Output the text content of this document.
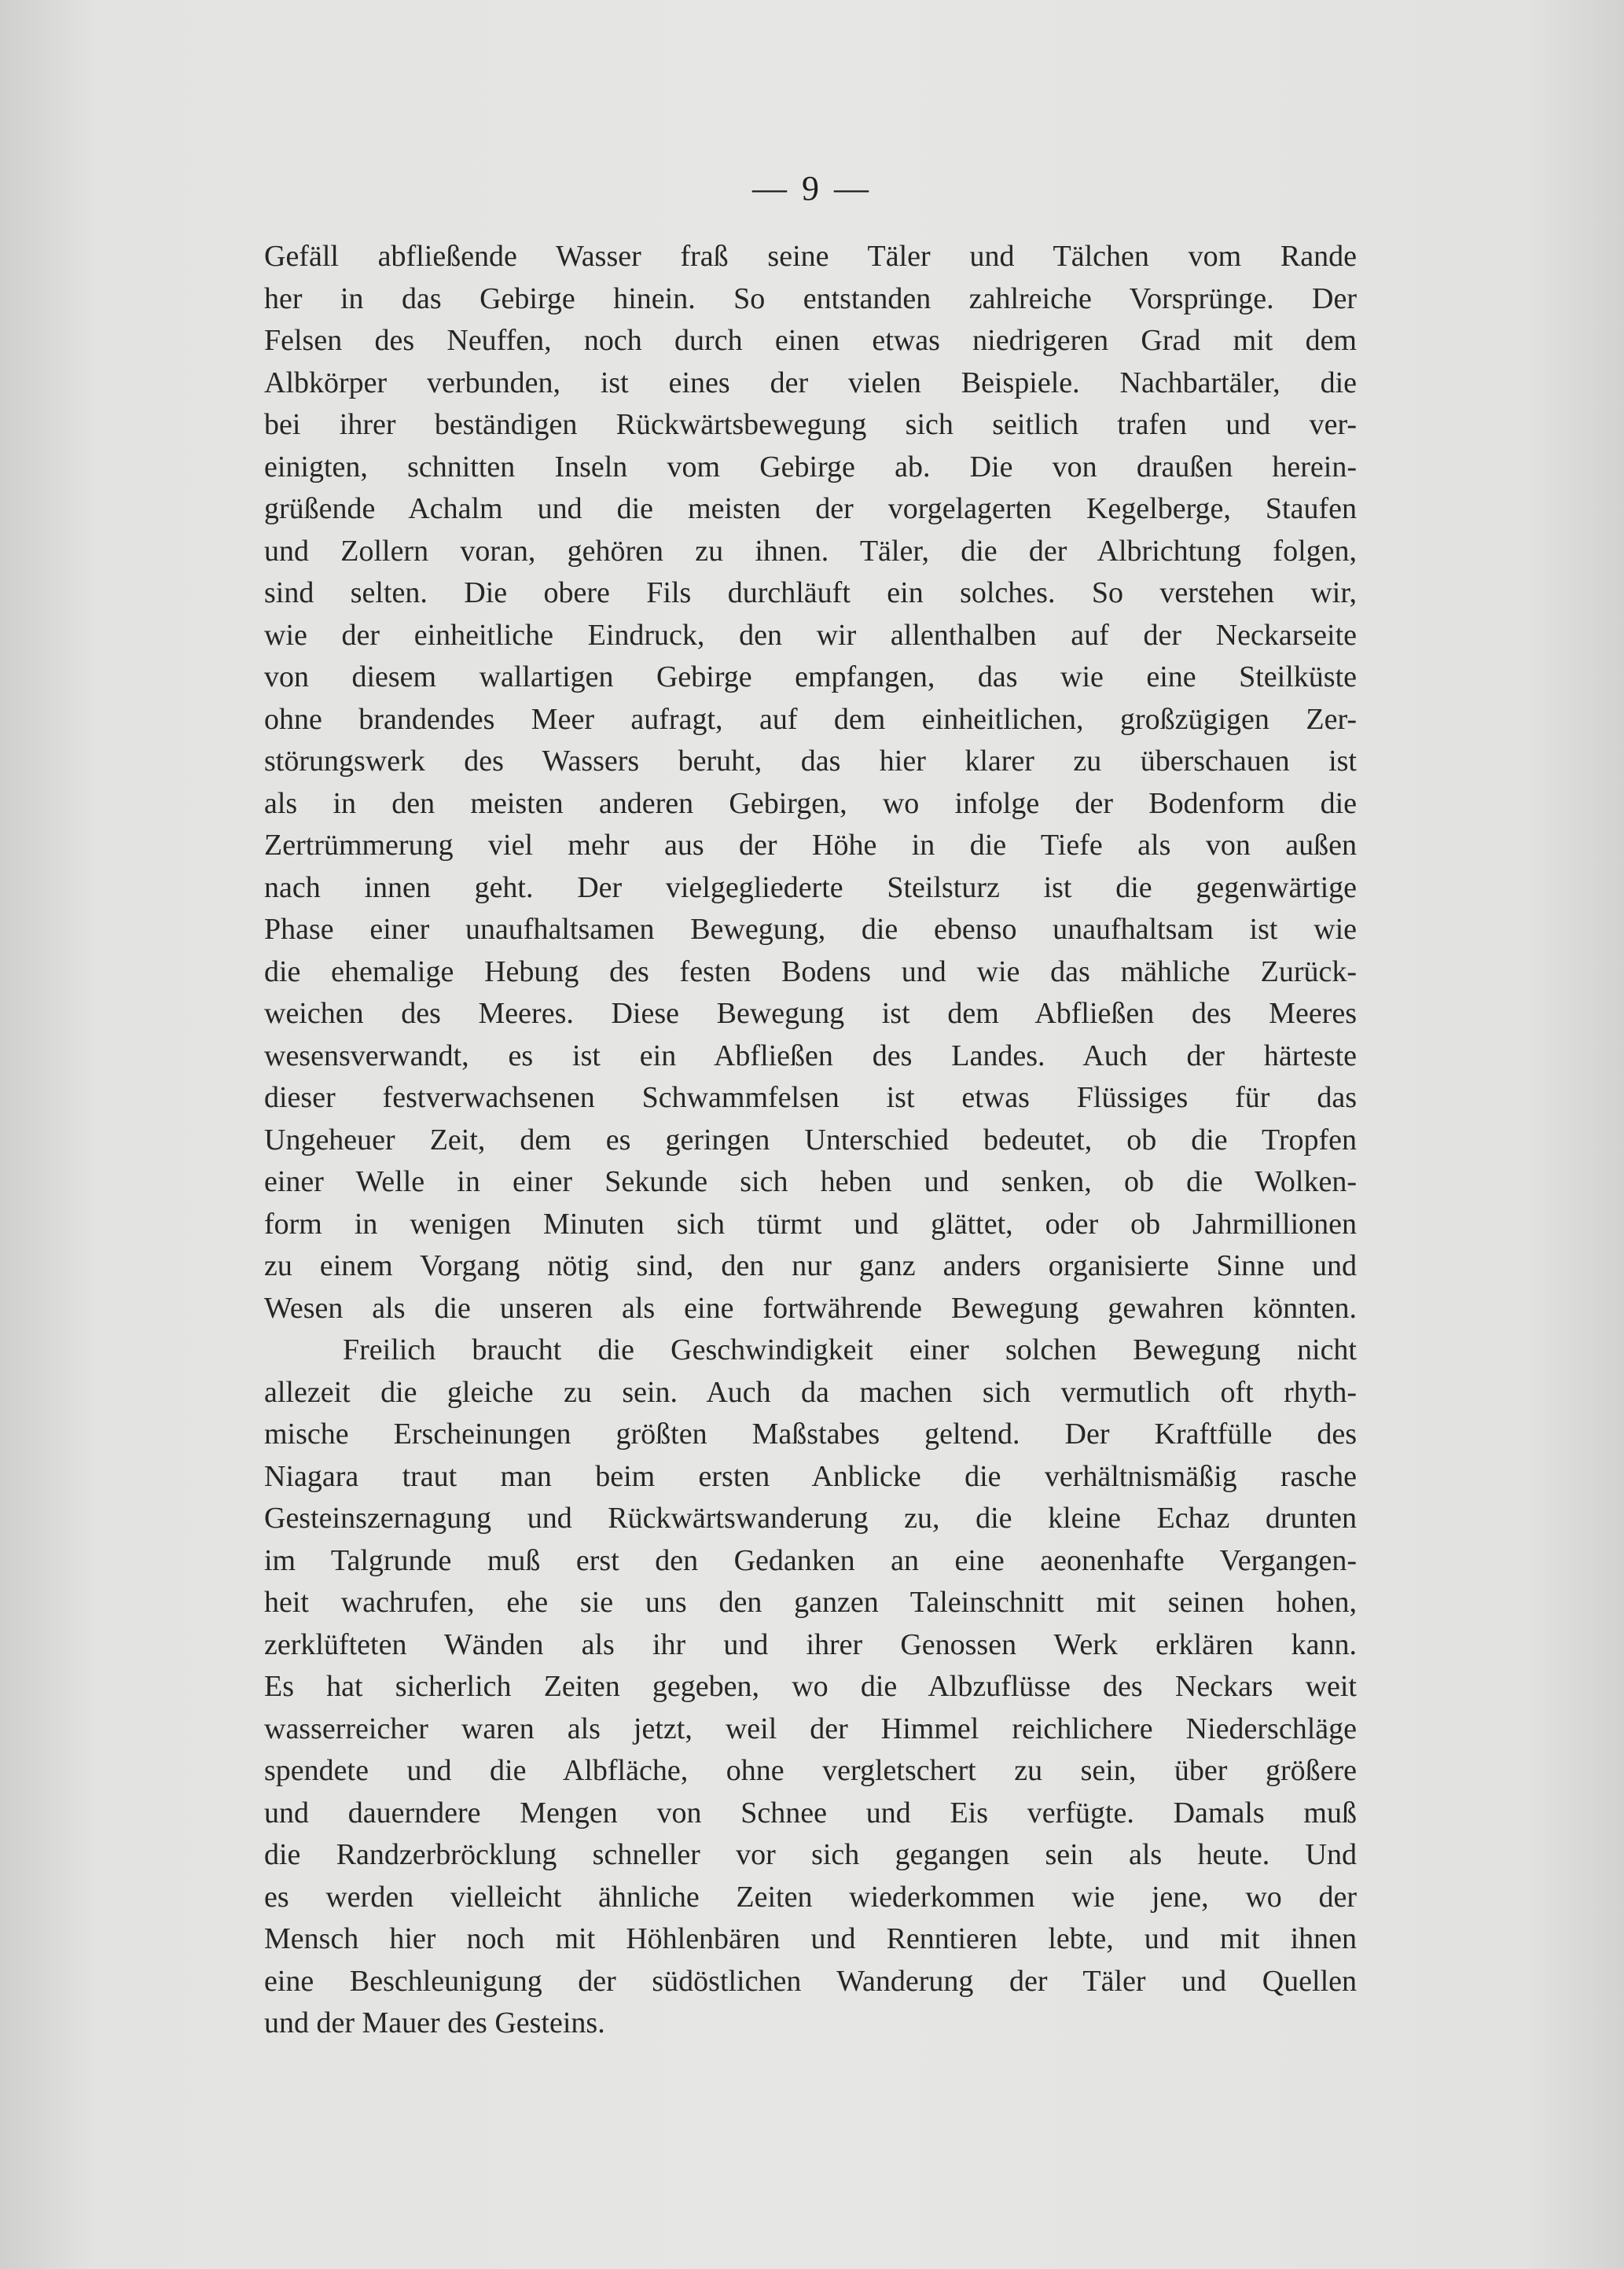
— 9 —
Gefäll abfließende Wasser fraß seine Täler und Tälchen vom Rande
her in das Gebirge hinein. So entstanden zahlreiche Vorsprünge. Der
Felsen des Neuffen, noch durch einen etwas niedrigeren Grad mit dem
Albkörper verbunden, ist eines der vielen Beispiele. Nachbartäler, die
bei ihrer beständigen Rückwärtsbewegung sich seitlich trafen und ver-
einigten, schnitten Inseln vom Gebirge ab. Die von draußen herein-
grüßende Achalm und die meisten der vorgelagerten Kegelberge, Staufen
und Zollern voran, gehören zu ihnen. Täler, die der Albrichtung folgen,
sind selten. Die obere Fils durchläuft ein solches. So verstehen wir,
wie der einheitliche Eindruck, den wir allenthalben auf der Neckarseite
von diesem wallartigen Gebirge empfangen, das wie eine Steilküste
ohne brandendes Meer aufragt, auf dem einheitlichen, großzügigen Zer-
störungswerk des Wassers beruht, das hier klarer zu überschauen ist
als in den meisten anderen Gebirgen, wo infolge der Bodenform die
Zertrümmerung viel mehr aus der Höhe in die Tiefe als von außen
nach innen geht. Der vielgegliederte Steilsturz ist die gegenwärtige
Phase einer unaufhaltsamen Bewegung, die ebenso unaufhaltsam ist wie
die ehemalige Hebung des festen Bodens und wie das mähliche Zurück-
weichen des Meeres. Diese Bewegung ist dem Abfließen des Meeres
wesensverwandt, es ist ein Abfließen des Landes. Auch der härteste
dieser festverwachsenen Schwammfelsen ist etwas Flüssiges für das
Ungeheuer Zeit, dem es geringen Unterschied bedeutet, ob die Tropfen
einer Welle in einer Sekunde sich heben und senken, ob die Wolken-
form in wenigen Minuten sich türmt und glättet, oder ob Jahrmillionen
zu einem Vorgang nötig sind, den nur ganz anders organisierte Sinne und
Wesen als die unseren als eine fortwährende Bewegung gewahren könnten.
Freilich braucht die Geschwindigkeit einer solchen Bewegung nicht
allezeit die gleiche zu sein. Auch da machen sich vermutlich oft rhyth-
mische Erscheinungen größten Maßstabes geltend. Der Kraftfülle des
Niagara traut man beim ersten Anblicke die verhältnismäßig rasche
Gesteinszernagung und Rückwärtswanderung zu, die kleine Echaz drunten
im Talgrunde muß erst den Gedanken an eine aeonenhafte Vergangen-
heit wachrufen, ehe sie uns den ganzen Taleinschnitt mit seinen hohen,
zerklüfteten Wänden als ihr und ihrer Genossen Werk erklären kann.
Es hat sicherlich Zeiten gegeben, wo die Albzuflüsse des Neckars weit
wasserreicher waren als jetzt, weil der Himmel reichlichere Niederschläge
spendete und die Albfläche, ohne vergletschert zu sein, über größere
und dauerndere Mengen von Schnee und Eis verfügte. Damals muß
die Randzerbröcklung schneller vor sich gegangen sein als heute. Und
es werden vielleicht ähnliche Zeiten wiederkommen wie jene, wo der
Mensch hier noch mit Höhlenbären und Renntieren lebte, und mit ihnen
eine Beschleunigung der südöstlichen Wanderung der Täler und Quellen
und der Mauer des Gesteins.
